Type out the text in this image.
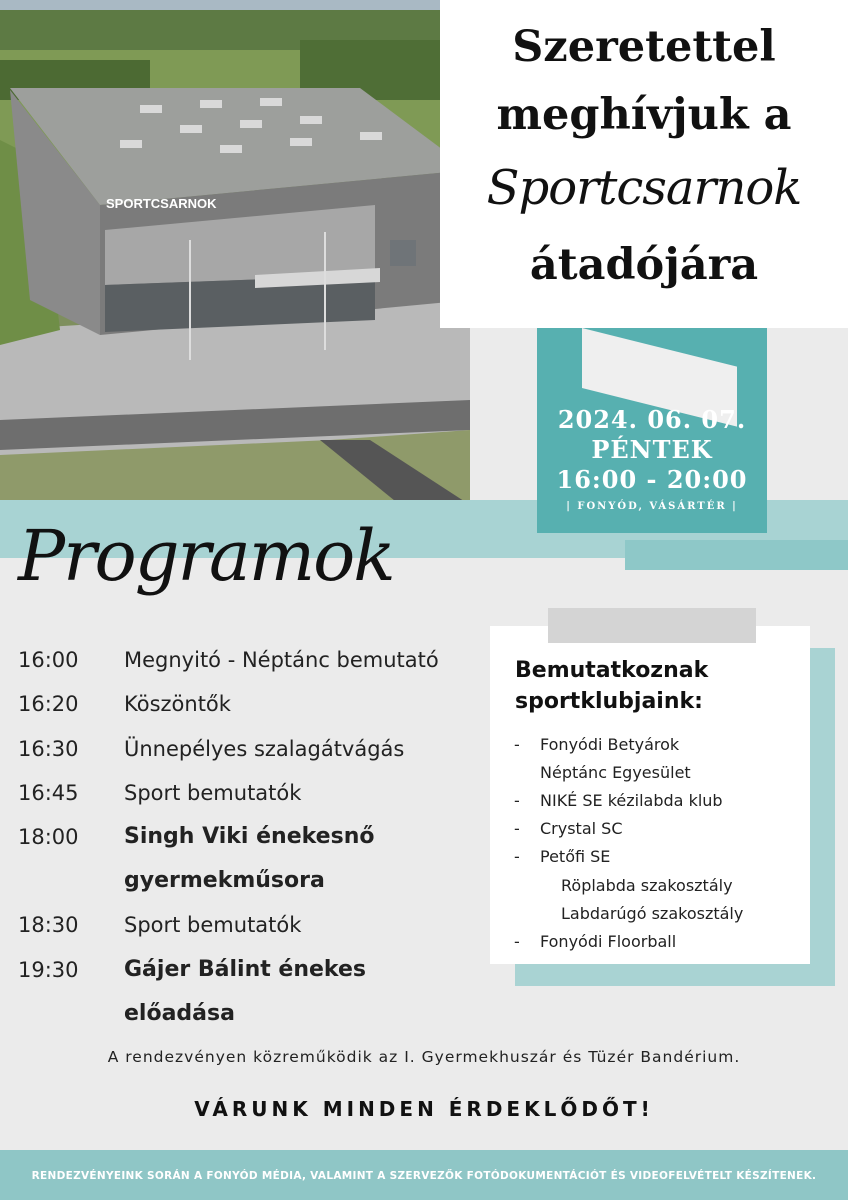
SPORTCSARNOK
Szeretettel
meghívjuk a
Sportcsarnok
átadójára
2024. 06. 07.
PÉNTEK
16:00 - 20:00
| FONYÓD, VÁSÁRTÉR |
Programok
16:00 Megnyitó - Néptánc bemutató
16:20 Köszöntők
16:30 Ünnepélyes szalagátvágás
16:45 Sport bemutatók
18:00 Singh Viki énekesnő gyermekműsora
18:30 Sport bemutatók
19:30 Gájer Bálint énekes előadása
Bemutatkoznak sportklubjaink:
- Fonyódi Betyárok
Néptánc Egyesület
- NIKÉ SE kézilabda klub
- Crystal SC
- Petőfi SE
Röplabda szakosztály
Labdarúgó szakosztály
- Fonyódi Floorball
A rendezvényen közreműködik az I. Gyermekhuszár és Tüzér Bandérium.
VÁRUNK MINDEN ÉRDEKLŐDŐT!
RENDEZVÉNYEINK SORÁN A FONYÓD MÉDIA, VALAMINT A SZERVEZŐK FOTÓDOKUMENTÁCIÓT ÉS VIDEOFELVÉTELT KÉSZÍTENEK.
